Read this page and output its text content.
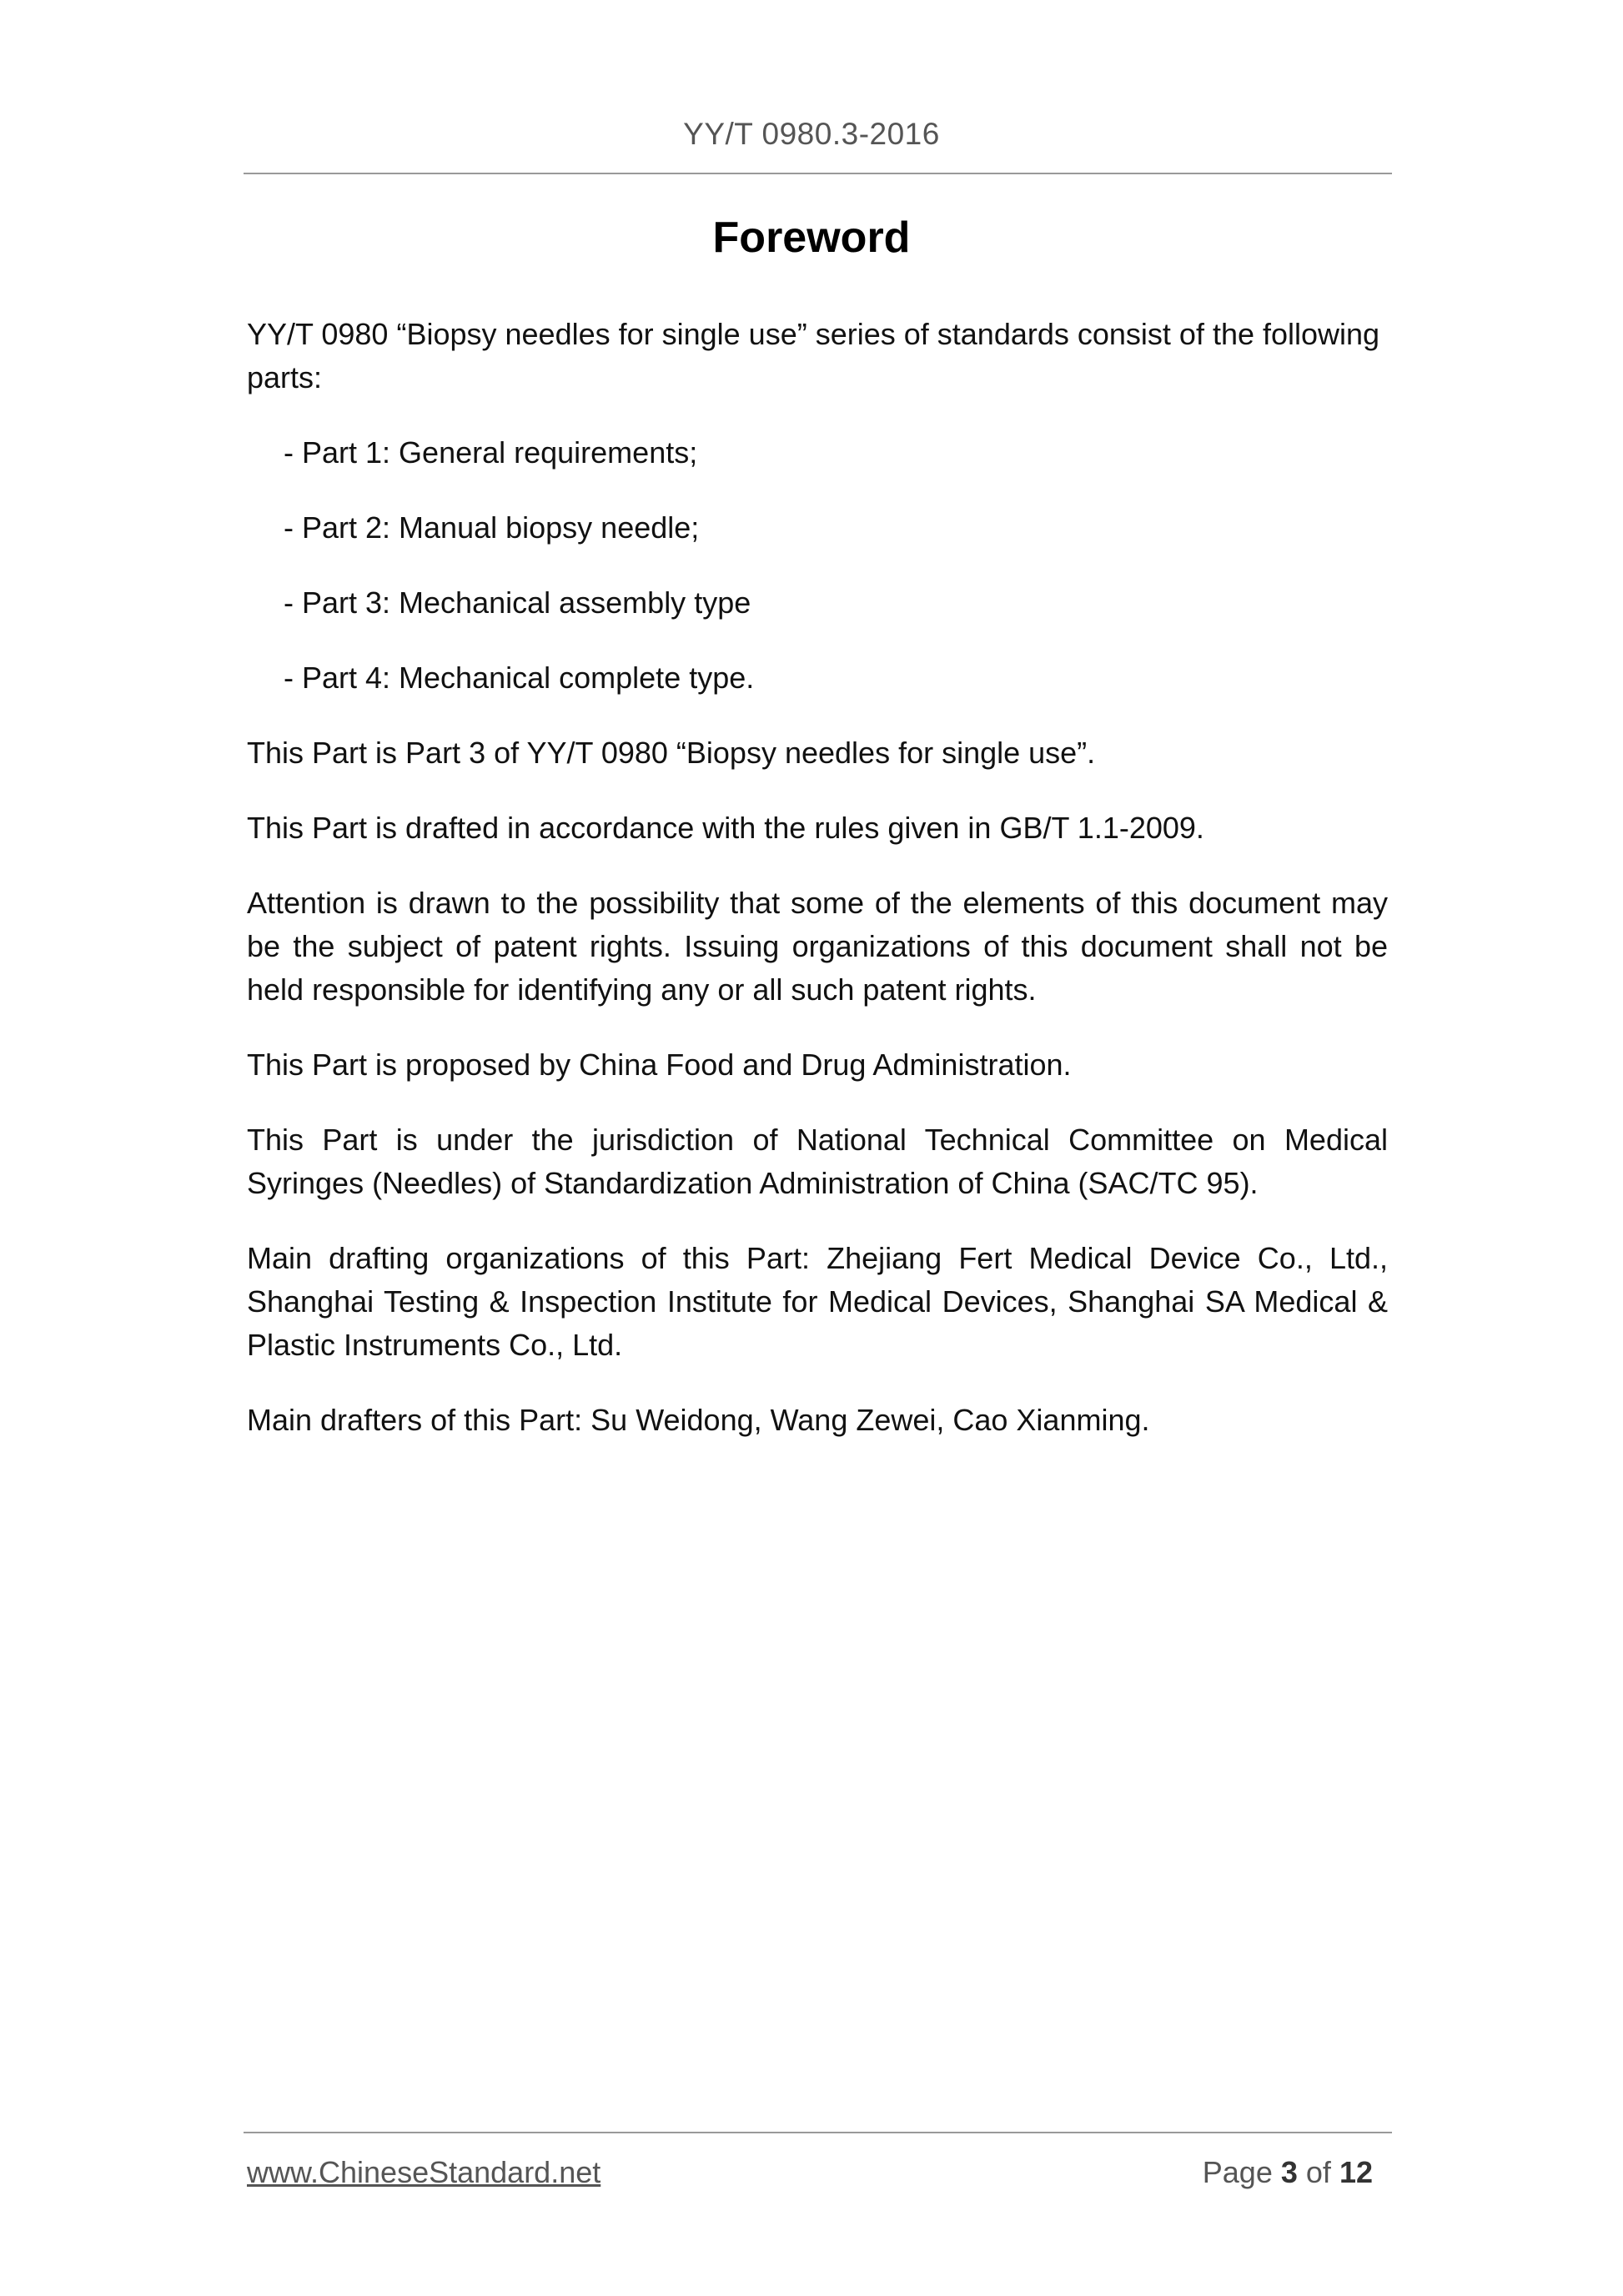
YY/T 0980.3-2016
Foreword

YY/T 0980 “Biopsy needles for single use” series of standards consist of the following parts:

- Part 1: General requirements;

- Part 2: Manual biopsy needle;

- Part 3: Mechanical assembly type

- Part 4: Mechanical complete type.

This Part is Part 3 of YY/T 0980 “Biopsy needles for single use”.

This Part is drafted in accordance with the rules given in GB/T 1.1-2009.

Attention is drawn to the possibility that some of the elements of this document may be the subject of patent rights. Issuing organizations of this document shall not be held responsible for identifying any or all such patent rights.

This Part is proposed by China Food and Drug Administration.

This Part is under the jurisdiction of National Technical Committee on Medical Syringes (Needles) of Standardization Administration of China (SAC/TC 95).

Main drafting organizations of this Part: Zhejiang Fert Medical Device Co., Ltd., Shanghai Testing & Inspection Institute for Medical Devices, Shanghai SA Medical & Plastic Instruments Co., Ltd.

Main drafters of this Part: Su Weidong, Wang Zewei, Cao Xianming.

www.ChineseStandard.net	Page 3 of 12
